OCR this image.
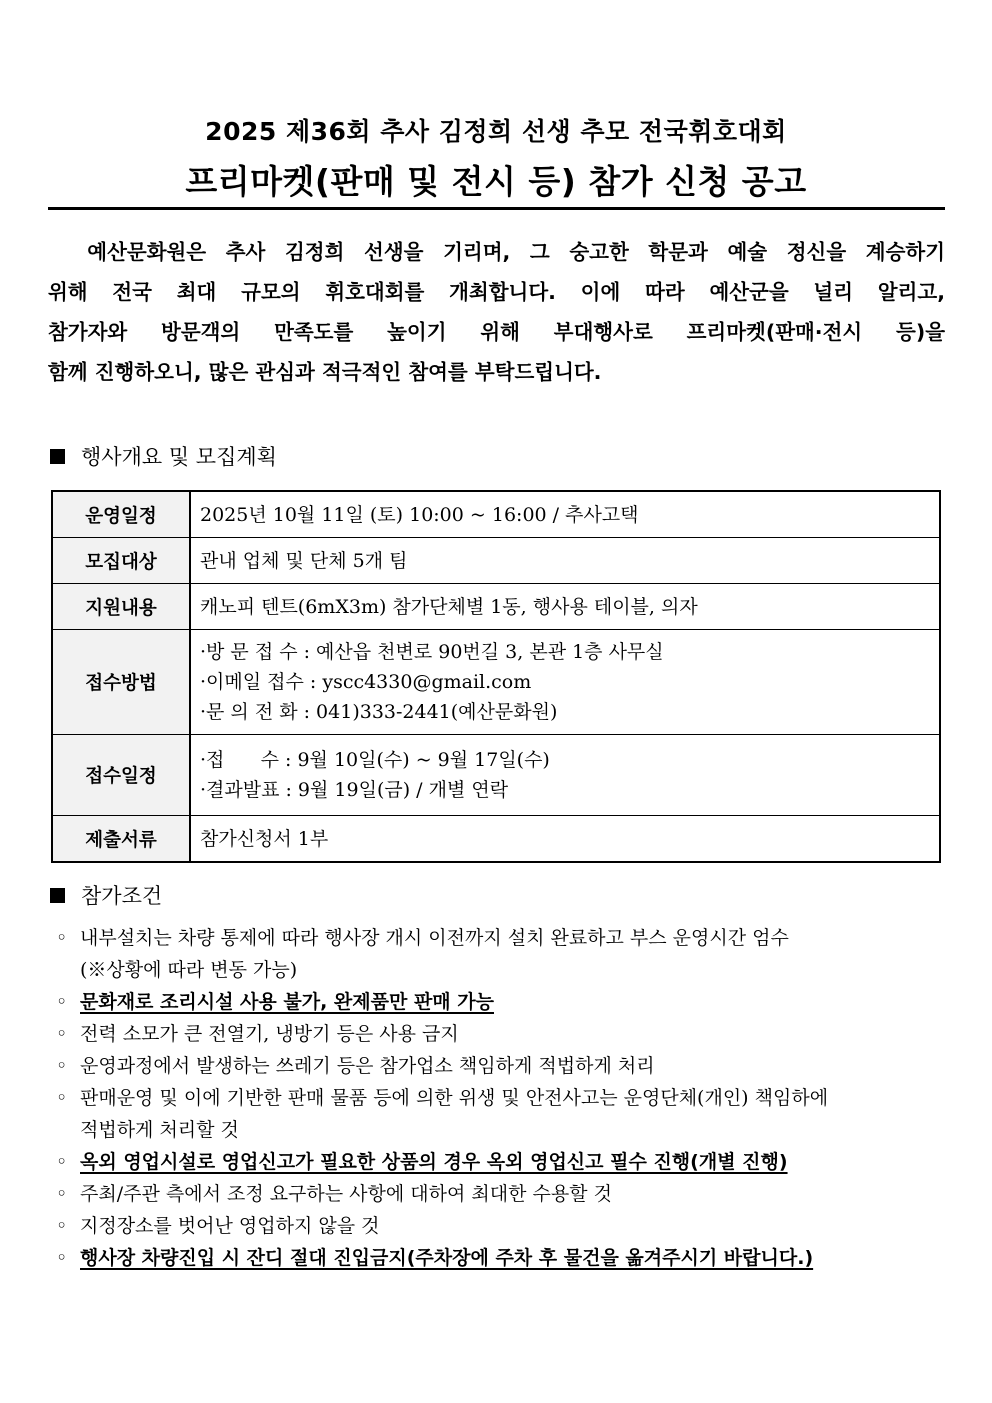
2025 제36회 추사 김정희 선생 추모 전국휘호대회
프리마켓(판매 및 전시 등) 참가 신청 공고
예산문화원은 추사 김정희 선생을 기리며, 그 숭고한 학문과 예술 정신을 계승하기
위해 전국 최대 규모의 휘호대회를 개최합니다. 이에 따라 예산군을 널리 알리고,
참가자와 방문객의 만족도를 높이기 위해 부대행사로 프리마켓(판매·전시 등)을
함께 진행하오니, 많은 관심과 적극적인 참여를 부탁드립니다.
행사개요 및 모집계획
운영일정	2025년 10월 11일 (토) 10:00 ~ 16:00 / 추사고택

모집대상	관내 업체 및 단체 5개 팀

지원내용	캐노피 텐트(6mX3m) 참가단체별 1동, 행사용 테이블, 의자

접수방법	·방 문 접 수 : 예산읍 천변로 90번길 3, 본관 1층 사무실
·이메일 접수 : yscc4330@gmail.com
·문 의 전 화 : 041)333-2441(예산문화원)

접수일정	·접      수 : 9월 10일(수) ~ 9월 17일(수)
·결과발표 : 9월 19일(금) / 개별 연락

제출서류	참가신청서 1부
참가조건
◦ 내부설치는 차량 통제에 따라 행사장 개시 이전까지 설치 완료하고 부스 운영시간 엄수
(※상황에 따라 변동 가능)
◦ 문화재로 조리시설 사용 불가, 완제품만 판매 가능
◦ 전력 소모가 큰 전열기, 냉방기 등은 사용 금지
◦ 운영과정에서 발생하는 쓰레기 등은 참가업소 책임하게 적법하게 처리
◦ 판매운영 및 이에 기반한 판매 물품 등에 의한 위생 및 안전사고는 운영단체(개인) 책임하에
적법하게 처리할 것
◦ 옥외 영업시설로 영업신고가 필요한 상품의 경우 옥외 영업신고 필수 진행(개별 진행)
◦ 주최/주관 측에서 조정 요구하는 사항에 대하여 최대한 수용할 것
◦ 지정장소를 벗어난 영업하지 않을 것
◦ 행사장 차량진입 시 잔디 절대 진입금지(주차장에 주차 후 물건을 옮겨주시기 바랍니다.)
